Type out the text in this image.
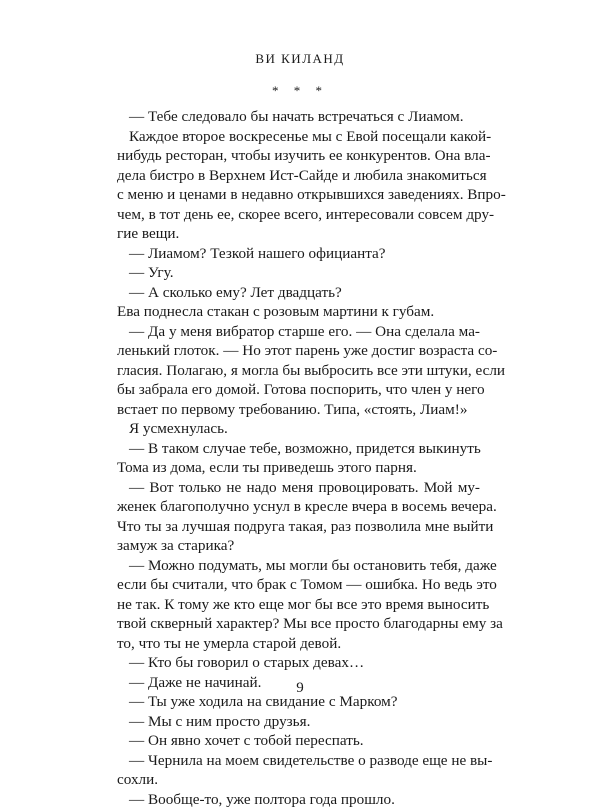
ВИ КИЛАНД
* * *
— Тебе следовало бы начать встречаться с Лиамом.
Каждое второе воскресенье мы с Евой посещали какой-
нибудь ресторан, чтобы изучить ее конкурентов. Она вла-
дела бистро в Верхнем Ист-Сайде и любила знакомиться
с меню и ценами в недавно открывшихся заведениях. Впро-
чем, в тот день ее, скорее всего, интересовали совсем дру-
гие вещи.
— Лиамом? Тезкой нашего официанта?
— Угу.
— А сколько ему? Лет двадцать?
Ева поднесла стакан с розовым мартини к губам.
— Да у меня вибратор старше его. — Она сделала ма-
ленький глоток. — Но этот парень уже достиг возраста со-
гласия. Полагаю, я могла бы выбросить все эти штуки, если
бы забрала его домой. Готова поспорить, что член у него
встает по первому требованию. Типа, «стоять, Лиам!»
Я усмехнулась.
— В таком случае тебе, возможно, придется выкинуть
Тома из дома, если ты приведешь этого парня.
— Вот только не надо меня провоцировать. Мой му-
женек благополучно уснул в кресле вчера в восемь вечера.
Что ты за лучшая подруга такая, раз позволила мне выйти
замуж за старика?
— Можно подумать, мы могли бы остановить тебя, даже
если бы считали, что брак с Томом — ошибка. Но ведь это
не так. К тому же кто еще мог бы все это время выносить
твой скверный характер? Мы все просто благодарны ему за
то, что ты не умерла старой девой.
— Кто бы говорил о старых девах…
— Даже не начинай.
— Ты уже ходила на свидание с Марком?
— Мы с ним просто друзья.
— Он явно хочет с тобой переспать.
— Чернила на моем свидетельстве о разводе еще не вы-
сохли.
— Вообще-то, уже полтора года прошло.
9
